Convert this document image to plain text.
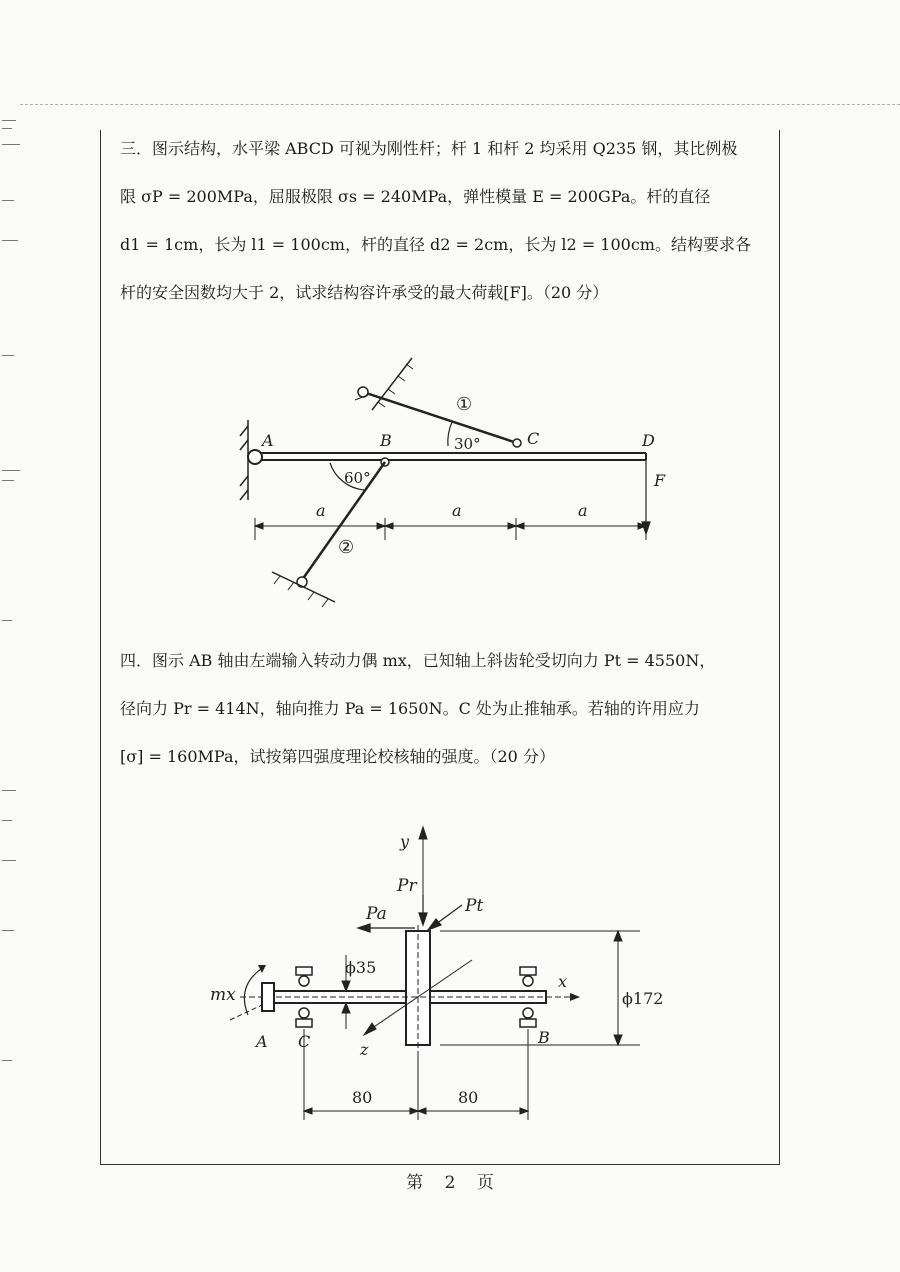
三．图示结构，水平梁 ABCD 可视为刚性杆；杆 1 和杆 2 均采用 Q235 钢，其比例极

限 σP = 200MPa，屈服极限 σs = 240MPa，弹性模量 E = 200GPa。杆的直径

d1 = 1cm，长为 l1 = 100cm，杆的直径 d2 = 2cm，长为 l2 = 100cm。结构要求各

杆的安全因数均大于 2，试求结构容许承受的最大荷载[F]。（20 分）

A	B	C	D
F
30°
60°
①
②
a	a	a

四．图示 AB 轴由左端输入转动力偶 mx，已知轴上斜齿轮受切向力 Pt = 4550N，

径向力 Pr = 414N，轴向推力 Pa = 1650N。C 处为止推轴承。若轴的许用应力

[σ] = 160MPa，试按第四强度理论校核轴的强度。（20 分）

y
Pr
Pa	Pt
mx
ϕ35
ϕ172
x
z
A C	B
80	80
第 2 页
